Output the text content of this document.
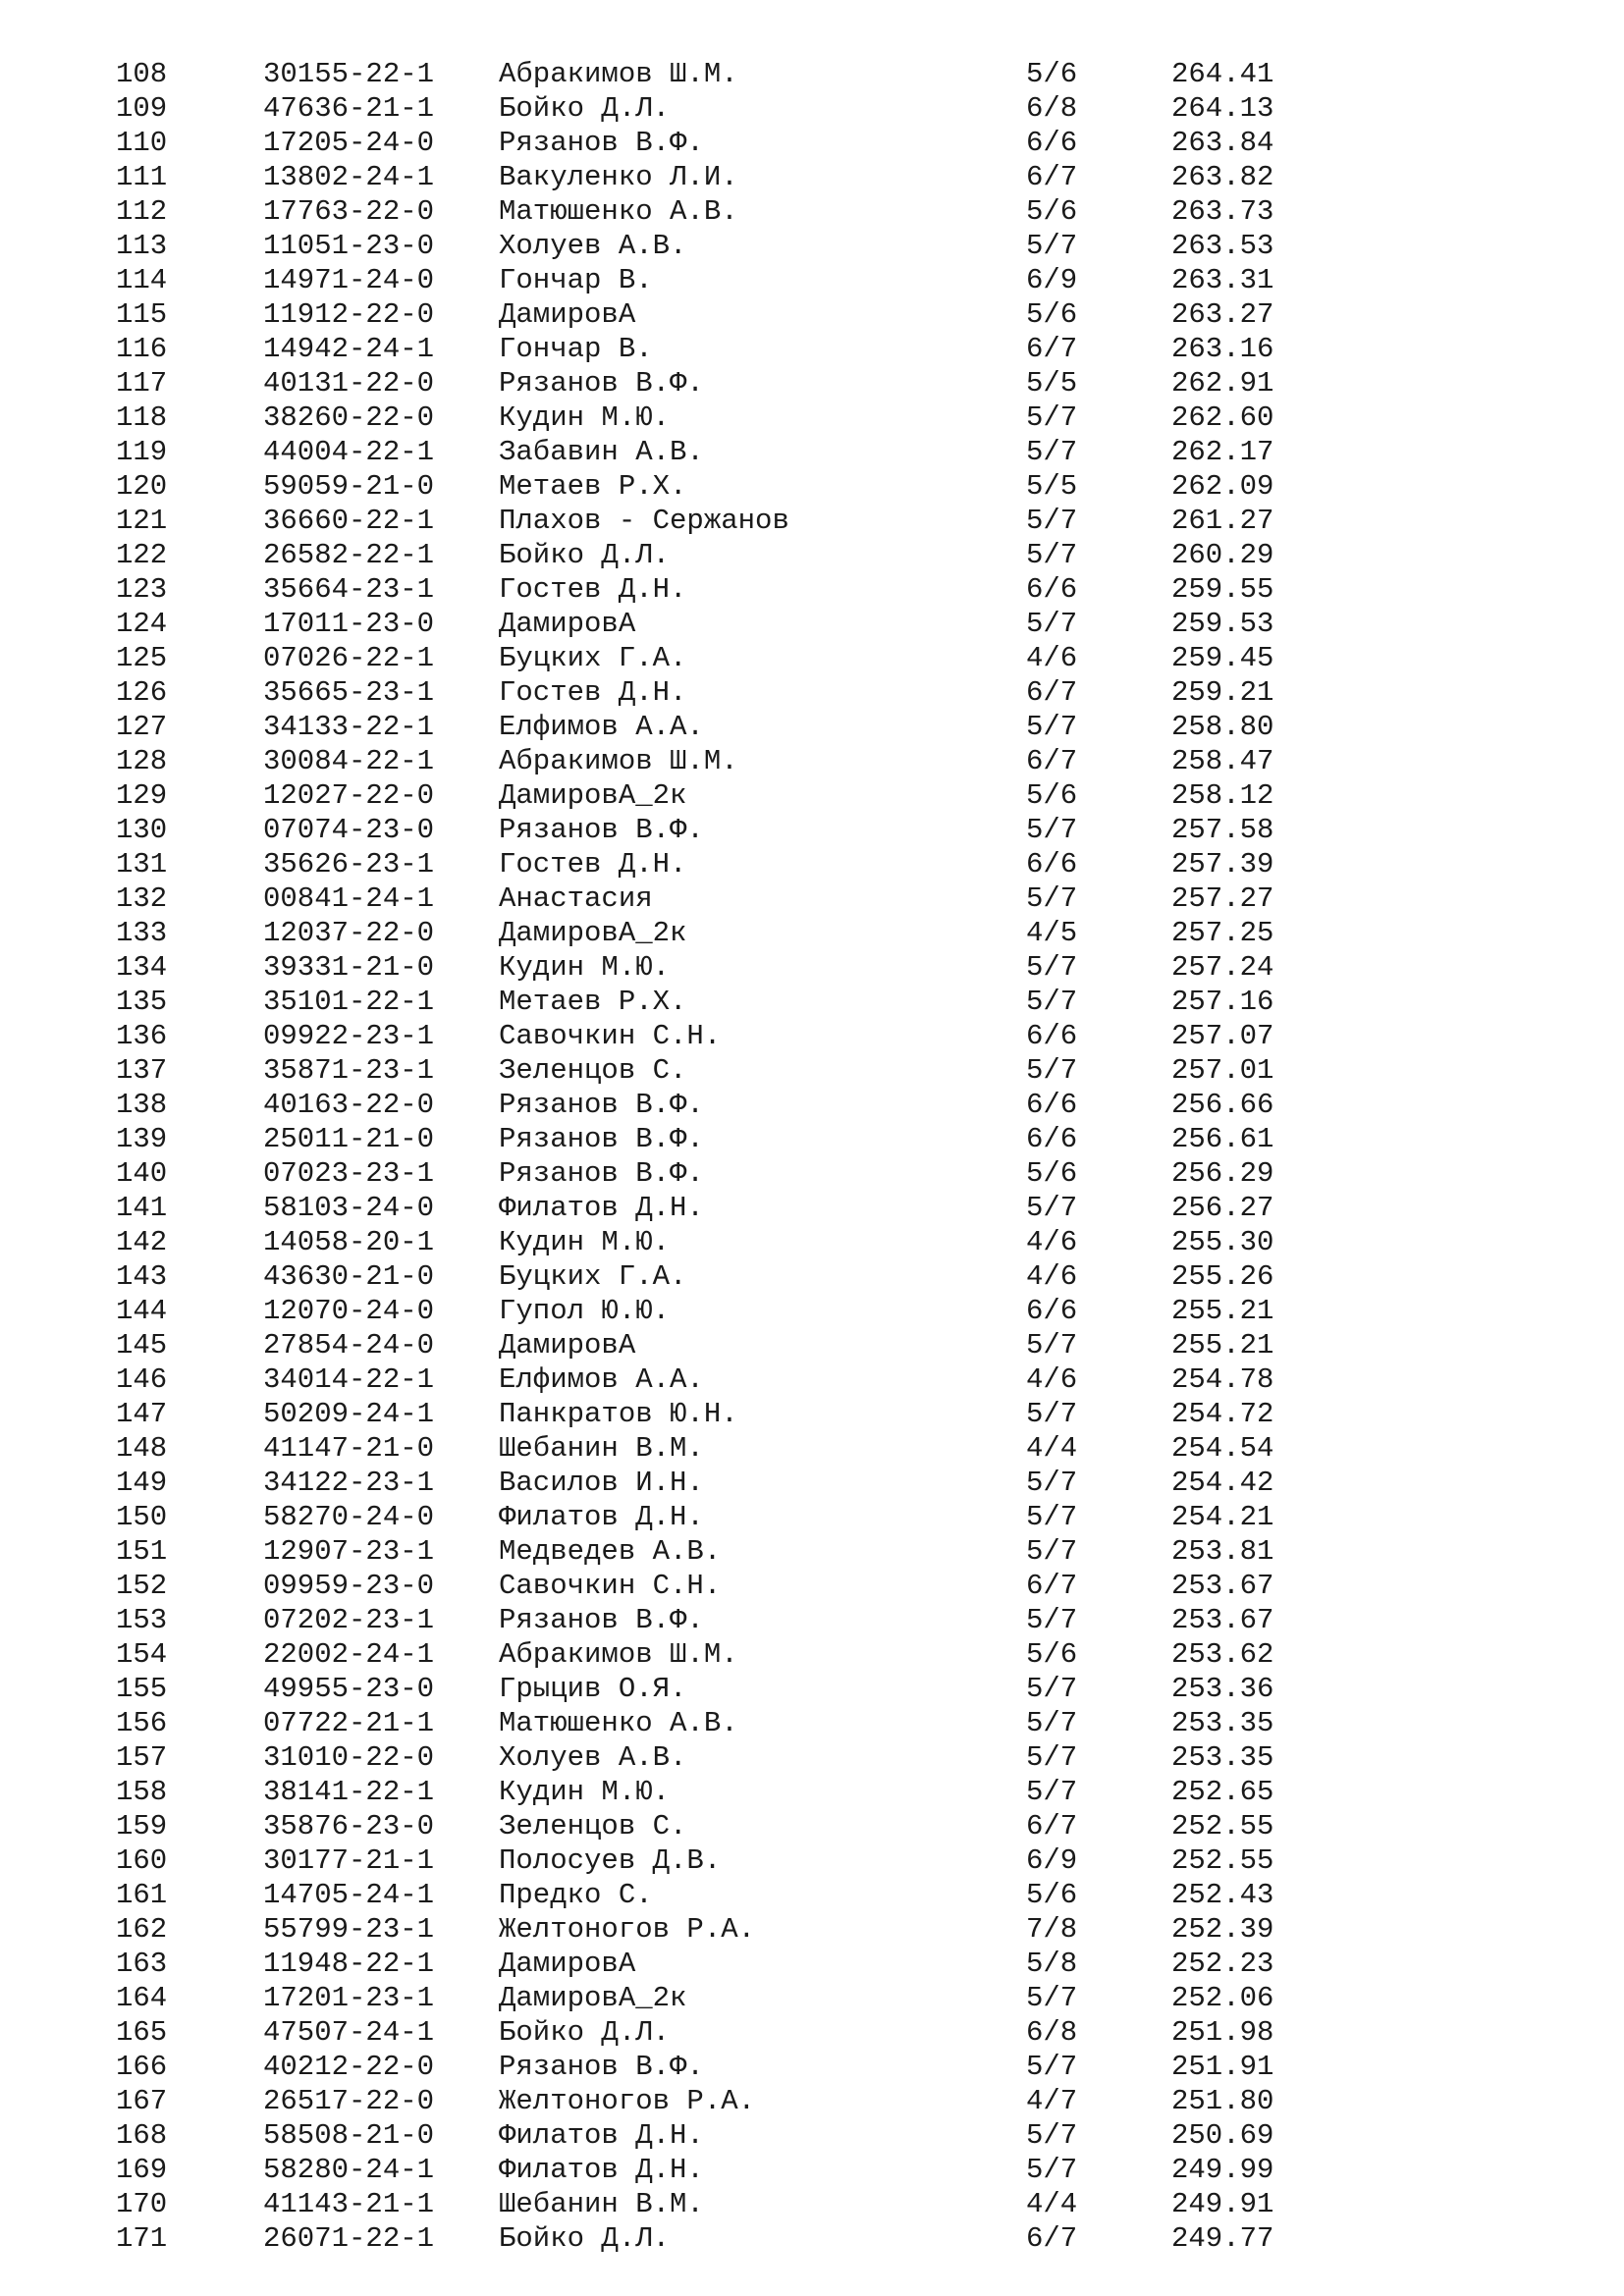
108	30155-22-1 Абракимов Ш.М.	5/6	264.41
109	47636-21-1 Бойко Д.Л.	6/8	264.13
110	17205-24-0 Рязанов В.Ф.	6/6	263.84
111	13802-24-1 Вакуленко Л.И.	6/7	263.82
112	17763-22-0 Матюшенко А.В.	5/6	263.73
113	11051-23-0 Холуев А.В.	5/7	263.53
114	14971-24-0 Гончар В.	6/9	263.31
115	11912-22-0 ДамировА	5/6	263.27
116	14942-24-1 Гончар В.	6/7	263.16
117	40131-22-0 Рязанов В.Ф.	5/5	262.91
118	38260-22-0 Кудин М.Ю.	5/7	262.60
119	44004-22-1 Забавин А.В.	5/7	262.17
120	59059-21-0 Метаев Р.Х.	5/5	262.09
121	36660-22-1 Плахов - Сержанов	5/7	261.27
122	26582-22-1 Бойко Д.Л.	5/7	260.29
123	35664-23-1 Гостев Д.Н.	6/6	259.55
124	17011-23-0 ДамировА	5/7	259.53
125	07026-22-1 Буцких Г.А.	4/6	259.45
126	35665-23-1 Гостев Д.Н.	6/7	259.21
127	34133-22-1 Елфимов А.А.	5/7	258.80
128	30084-22-1 Абракимов Ш.М.	6/7	258.47
129	12027-22-0 ДамировА_2к	5/6	258.12
130	07074-23-0 Рязанов В.Ф.	5/7	257.58
131	35626-23-1 Гостев Д.Н.	6/6	257.39
132	00841-24-1 Анастасия	5/7	257.27
133	12037-22-0 ДамировА_2к	4/5	257.25
134	39331-21-0 Кудин М.Ю.	5/7	257.24
135	35101-22-1 Метаев Р.Х.	5/7	257.16
136	09922-23-1 Савочкин С.Н.	6/6	257.07
137	35871-23-1 Зеленцов С.	5/7	257.01
138	40163-22-0 Рязанов В.Ф.	6/6	256.66
139	25011-21-0 Рязанов В.Ф.	6/6	256.61
140	07023-23-1 Рязанов В.Ф.	5/6	256.29
141	58103-24-0 Филатов Д.Н.	5/7	256.27
142	14058-20-1 Кудин М.Ю.	4/6	255.30
143	43630-21-0 Буцких Г.А.	4/6	255.26
144	12070-24-0 Гупол Ю.Ю.	6/6	255.21
145	27854-24-0 ДамировА	5/7	255.21
146	34014-22-1 Елфимов А.А.	4/6	254.78
147	50209-24-1 Панкратов Ю.Н.	5/7	254.72
148	41147-21-0 Шебанин В.М.	4/4	254.54
149	34122-23-1 Василов И.Н.	5/7	254.42
150	58270-24-0 Филатов Д.Н.	5/7	254.21
151	12907-23-1 Медведев А.В.	5/7	253.81
152	09959-23-0 Савочкин С.Н.	6/7	253.67
153	07202-23-1 Рязанов В.Ф.	5/7	253.67
154	22002-24-1 Абракимов Ш.М.	5/6	253.62
155	49955-23-0 Грыцив О.Я.	5/7	253.36
156	07722-21-1 Матюшенко А.В.	5/7	253.35
157	31010-22-0 Холуев А.В.	5/7	253.35
158	38141-22-1 Кудин М.Ю.	5/7	252.65
159	35876-23-0 Зеленцов С.	6/7	252.55
160	30177-21-1 Полосуев Д.В.	6/9	252.55
161	14705-24-1 Предко С.	5/6	252.43
162	55799-23-1 Желтоногов Р.А.	7/8	252.39
163	11948-22-1 ДамировА	5/8	252.23
164	17201-23-1 ДамировА_2к	5/7	252.06
165	47507-24-1 Бойко Д.Л.	6/8	251.98
166	40212-22-0 Рязанов В.Ф.	5/7	251.91
167	26517-22-0 Желтоногов Р.А.	4/7	251.80
168	58508-21-0 Филатов Д.Н.	5/7	250.69
169	58280-24-1 Филатов Д.Н.	5/7	249.99
170	41143-21-1 Шебанин В.М.	4/4	249.91
171	26071-22-1 Бойко Д.Л.	6/7	249.77
